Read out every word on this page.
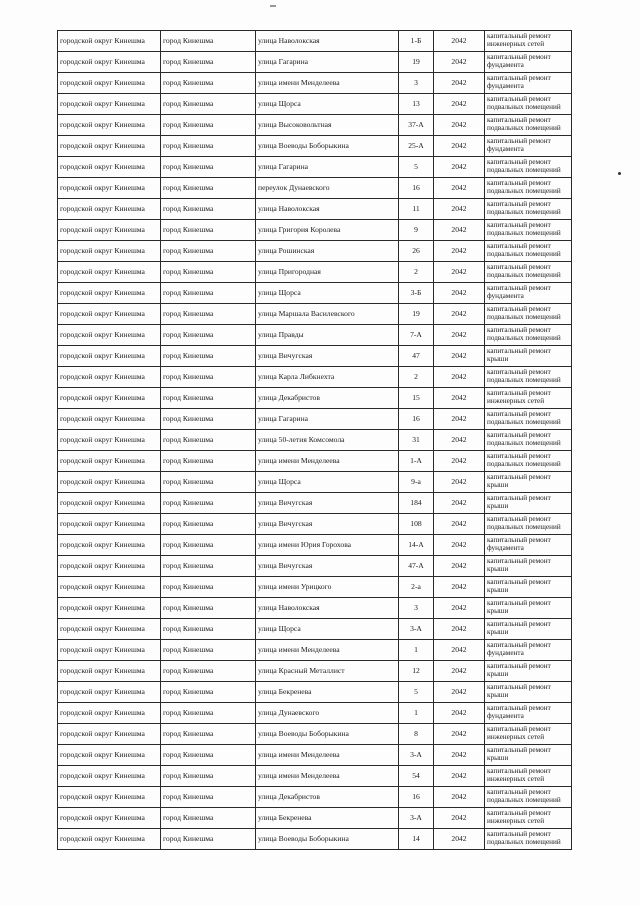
городской округ Кинешма	город Кинешма	улица Наволокская	1-Б	2042	капитальный ремонт инженерных сетей
городской округ Кинешма	город Кинешма	улица Гагарина	19	2042	капитальный ремонт фундамента
городской округ Кинешма	город Кинешма	улица имени Менделеева	3	2042	капитальный ремонт фундамента
городской округ Кинешма	город Кинешма	улица Щорса	13	2042	капитальный ремонт подвальных помещений
городской округ Кинешма	город Кинешма	улица Высоковольтная	37-А	2042	капитальный ремонт подвальных помещений
городской округ Кинешма	город Кинешма	улица Воеводы Боборыкина	25-А	2042	капитальный ремонт фундамента
городской округ Кинешма	город Кинешма	улица Гагарина	5	2042	капитальный ремонт подвальных помещений
городской округ Кинешма	город Кинешма	переулок Дунаевского	16	2042	капитальный ремонт подвальных помещений
городской округ Кинешма	город Кинешма	улица Наволокская	11	2042	капитальный ремонт подвальных помещений
городской округ Кинешма	город Кинешма	улица Григория Королева	9	2042	капитальный ремонт подвальных помещений
городской округ Кинешма	город Кинешма	улица Рошинская	26	2042	капитальный ремонт подвальных помещений
городской округ Кинешма	город Кинешма	улица Пригородная	2	2042	капитальный ремонт подвальных помещений
городской округ Кинешма	город Кинешма	улица Щорса	3-Б	2042	капитальный ремонт фундамента
городской округ Кинешма	город Кинешма	улица Маршала Василевского	19	2042	капитальный ремонт подвальных помещений
городской округ Кинешма	город Кинешма	улица Правды	7-А	2042	капитальный ремонт подвальных помещений
городской округ Кинешма	город Кинешма	улица Вичугская	47	2042	капитальный ремонт крыши
городской округ Кинешма	город Кинешма	улица Карла Либкнехта	2	2042	капитальный ремонт подвальных помещений
городской округ Кинешма	город Кинешма	улица Декабристов	15	2042	капитальный ремонт инженерных сетей
городской округ Кинешма	город Кинешма	улица Гагарина	16	2042	капитальный ремонт подвальных помещений
городской округ Кинешма	город Кинешма	улица 50-летия Комсомола	31	2042	капитальный ремонт подвальных помещений
городской округ Кинешма	город Кинешма	улица имени Менделеева	1-А	2042	капитальный ремонт подвальных помещений
городской округ Кинешма	город Кинешма	улица Щорса	9-а	2042	капитальный ремонт крыши
городской округ Кинешма	город Кинешма	улица Вичугская	184	2042	капитальный ремонт крыши
городской округ Кинешма	город Кинешма	улица Вичугская	108	2042	капитальный ремонт подвальных помещений
городской округ Кинешма	город Кинешма	улица имени Юрия Горохова	14-А	2042	капитальный ремонт фундамента
городской округ Кинешма	город Кинешма	улица Вичугская	47-А	2042	капитальный ремонт крыши
городской округ Кинешма	город Кинешма	улица имени Урицкого	2-а	2042	капитальный ремонт крыши
городской округ Кинешма	город Кинешма	улица Наволокская	3	2042	капитальный ремонт крыши
городской округ Кинешма	город Кинешма	улица Щорса	3-А	2042	капитальный ремонт крыши
городской округ Кинешма	город Кинешма	улица имени Менделеева	1	2042	капитальный ремонт фундамента
городской округ Кинешма	город Кинешма	улица Красный Металлист	12	2042	капитальный ремонт крыши
городской округ Кинешма	город Кинешма	улица Бекренева	5	2042	капитальный ремонт крыши
городской округ Кинешма	город Кинешма	улица Дунаевского	1	2042	капитальный ремонт фундамента
городской округ Кинешма	город Кинешма	улица Воеводы Боборыкина	8	2042	капитальный ремонт инженерных сетей
городской округ Кинешма	город Кинешма	улица имени Менделеева	3-А	2042	капитальный ремонт крыши
городской округ Кинешма	город Кинешма	улица имени Менделеева	54	2042	капитальный ремонт инженерных сетей
городской округ Кинешма	город Кинешма	улица Декабристов	16	2042	капитальный ремонт подвальных помещений
городской округ Кинешма	город Кинешма	улица Бекренева	3-А	2042	капитальный ремонт инженерных сетей
городской округ Кинешма	город Кинешма	улица Воеводы Боборыкина	14	2042	капитальный ремонт подвальных помещений
